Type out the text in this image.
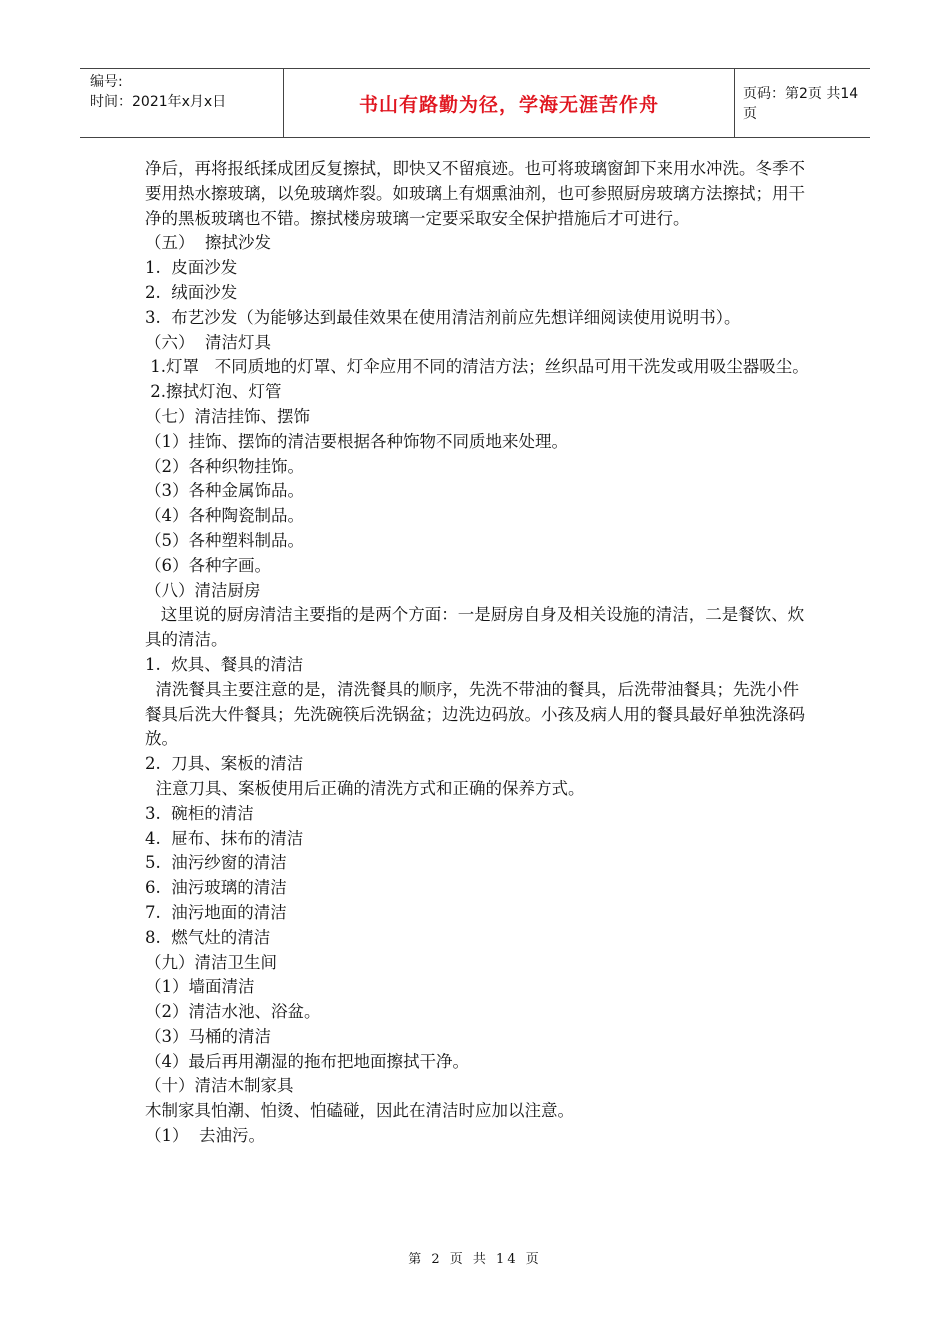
编号:
时间：2021年x月x日	书山有路勤为径，学海无涯苦作舟	页码：第2页 共14页

净后，再将报纸揉成团反复擦拭，即快又不留痕迹。也可将玻璃窗卸下来用水冲洗。冬季不要用热水擦玻璃，以免玻璃炸裂。如玻璃上有烟熏油剂，也可参照厨房玻璃方法擦拭；用干净的黑板玻璃也不错。擦拭楼房玻璃一定要采取安全保护措施后才可进行。

（五）  擦拭沙发

1.  皮面沙发

2.  绒面沙发

3.  布艺沙发（为能够达到最佳效果在使用清洁剂前应先想详细阅读使用说明书）。

（六）  清洁灯具

1.灯罩   不同质地的灯罩、灯伞应用不同的清洁方法；丝织品可用干洗发或用吸尘器吸尘。

2.擦拭灯泡、灯管

（七）清洁挂饰、摆饰

（1）挂饰、摆饰的清洁要根据各种饰物不同质地来处理。

（2）各种织物挂饰。

（3）各种金属饰品。

（4）各种陶瓷制品。

（5）各种塑料制品。

（6）各种字画。

（八）清洁厨房

这里说的厨房清洁主要指的是两个方面：一是厨房自身及相关设施的清洁，二是餐饮、炊具的清洁。

1.  炊具、餐具的清洁

清洗餐具主要注意的是，清洗餐具的顺序，先洗不带油的餐具，后洗带油餐具；先洗小件餐具后洗大件餐具；先洗碗筷后洗锅盆；边洗边码放。小孩及病人用的餐具最好单独洗涤码放。

2.  刀具、案板的清洁

注意刀具、案板使用后正确的清洗方式和正确的保养方式。

3.  碗柜的清洁

4.  屉布、抹布的清洁

5.  油污纱窗的清洁

6.  油污玻璃的清洁

7.  油污地面的清洁

8.  燃气灶的清洁

（九）清洁卫生间

（1）墙面清洁

（2）清洁水池、浴盆。

（3）马桶的清洁

（4）最后再用潮湿的拖布把地面擦拭干净。

（十）清洁木制家具

木制家具怕潮、怕烫、怕磕碰，因此在清洁时应加以注意。

（1）  去油污。

第 2 页 共 14 页
